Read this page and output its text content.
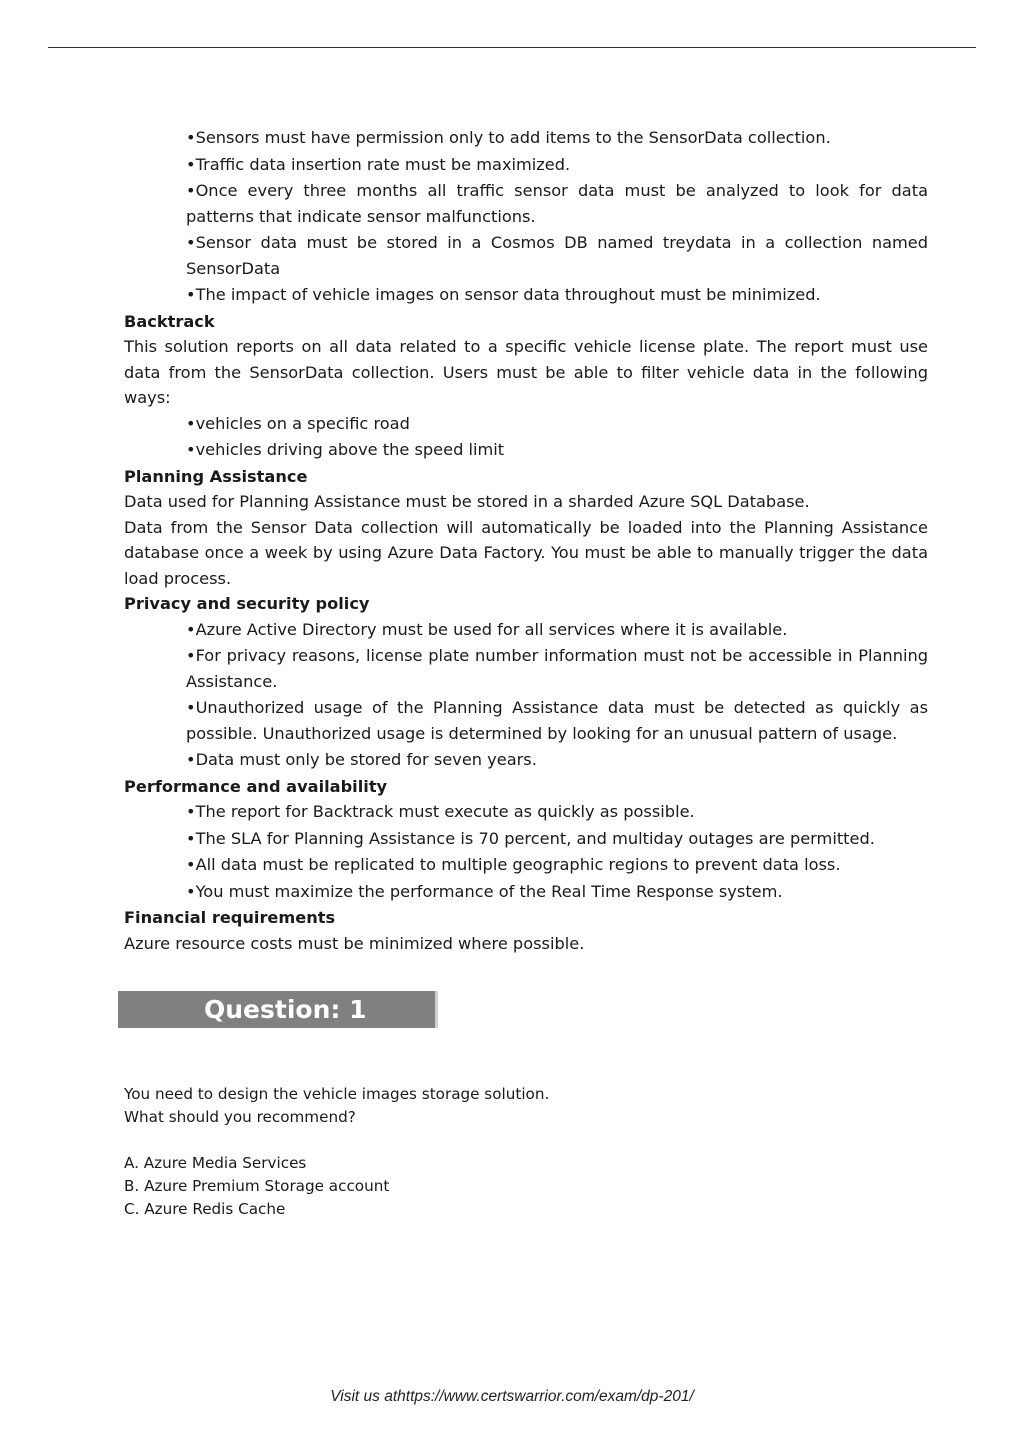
• Sensors must have permission only to add items to the SensorData collection.
• Traffic data insertion rate must be maximized.
• Once every three months all traffic sensor data must be analyzed to look for data patterns that indicate sensor malfunctions.
• Sensor data must be stored in a Cosmos DB named treydata in a collection named SensorData
• The impact of vehicle images on sensor data throughout must be minimized.

Backtrack

This solution reports on all data related to a specific vehicle license plate. The report must use data from the SensorData collection. Users must be able to filter vehicle data in the following ways:

• vehicles on a specific road
• vehicles driving above the speed limit

Planning Assistance

Data used for Planning Assistance must be stored in a sharded Azure SQL Database.

Data from the Sensor Data collection will automatically be loaded into the Planning Assistance database once a week by using Azure Data Factory. You must be able to manually trigger the data load process.

Privacy and security policy

• Azure Active Directory must be used for all services where it is available.
• For privacy reasons, license plate number information must not be accessible in Planning Assistance.
• Unauthorized usage of the Planning Assistance data must be detected as quickly as possible. Unauthorized usage is determined by looking for an unusual pattern of usage.
• Data must only be stored for seven years.

Performance and availability

• The report for Backtrack must execute as quickly as possible.
• The SLA for Planning Assistance is 70 percent, and multiday outages are permitted.
• All data must be replicated to multiple geographic regions to prevent data loss.
• You must maximize the performance of the Real Time Response system.

Financial requirements

Azure resource costs must be minimized where possible.

Question: 1

You need to design the vehicle images storage solution.

What should you recommend?

A. Azure Media Services
B. Azure Premium Storage account
C. Azure Redis Cache
Visit us athttps://www.certswarrior.com/exam/dp-201/
